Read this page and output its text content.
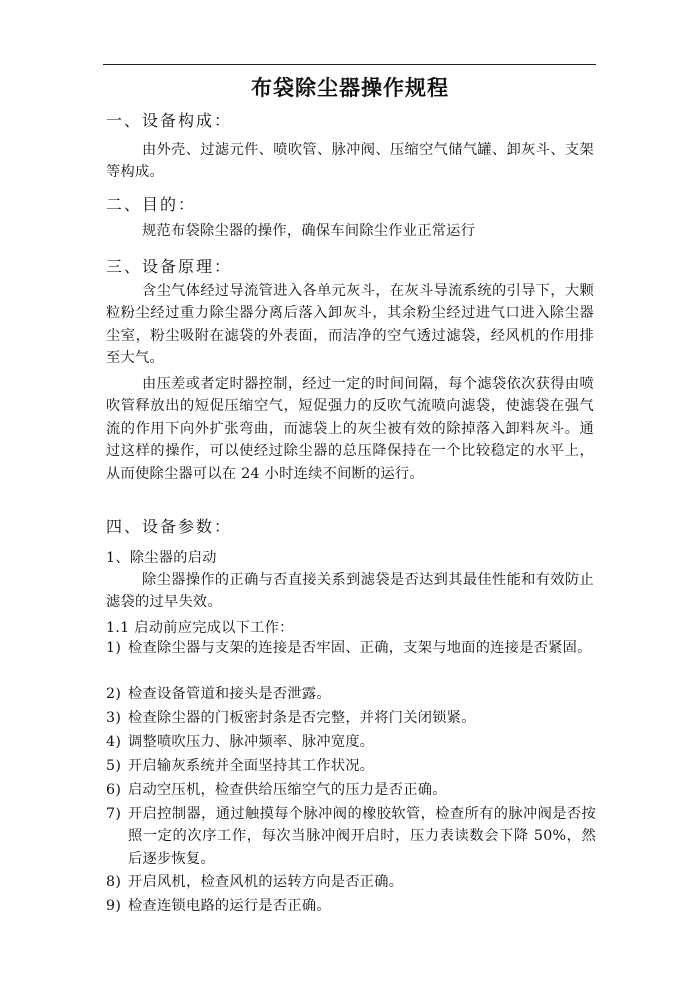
布袋除尘器操作规程
一、设备构成：
由外壳、过滤元件、喷吹管、脉冲阀、压缩空气储气罐、卸灰斗、支架等构成。
二、目的：
规范布袋除尘器的操作，确保车间除尘作业正常运行
三、设备原理：
含尘气体经过导流管进入各单元灰斗，在灰斗导流系统的引导下，大颗粒粉尘经过重力除尘器分离后落入卸灰斗，其余粉尘经过进气口进入除尘器尘室，粉尘吸附在滤袋的外表面，而洁净的空气透过滤袋，经风机的作用排至大气。
由压差或者定时器控制，经过一定的时间间隔，每个滤袋依次获得由喷吹管释放出的短促压缩空气，短促强力的反吹气流喷向滤袋，使滤袋在强气流的作用下向外扩张弯曲，而滤袋上的灰尘被有效的除掉落入卸料灰斗。通过这样的操作，可以使经过除尘器的总压降保持在一个比较稳定的水平上，从而使除尘器可以在 24 小时连续不间断的运行。
四、设备参数：
1、除尘器的启动
除尘器操作的正确与否直接关系到滤袋是否达到其最佳性能和有效防止滤袋的过早失效。
1.1 启动前应完成以下工作：
1) 检查除尘器与支架的连接是否牢固、正确，支架与地面的连接是否紧固。
2) 检查设备管道和接头是否泄露。
3) 检查除尘器的门板密封条是否完整，并将门关闭锁紧。
4) 调整喷吹压力、脉冲频率、脉冲宽度。
5) 开启输灰系统并全面坚持其工作状况。
6) 启动空压机，检查供给压缩空气的压力是否正确。
7) 开启控制器，通过触摸每个脉冲阀的橡胶软管，检查所有的脉冲阀是否按照一定的次序工作，每次当脉冲阀开启时，压力表读数会下降 50%，然后逐步恢复。
8) 开启风机，检查风机的运转方向是否正确。
9) 检查连锁电路的运行是否正确。
